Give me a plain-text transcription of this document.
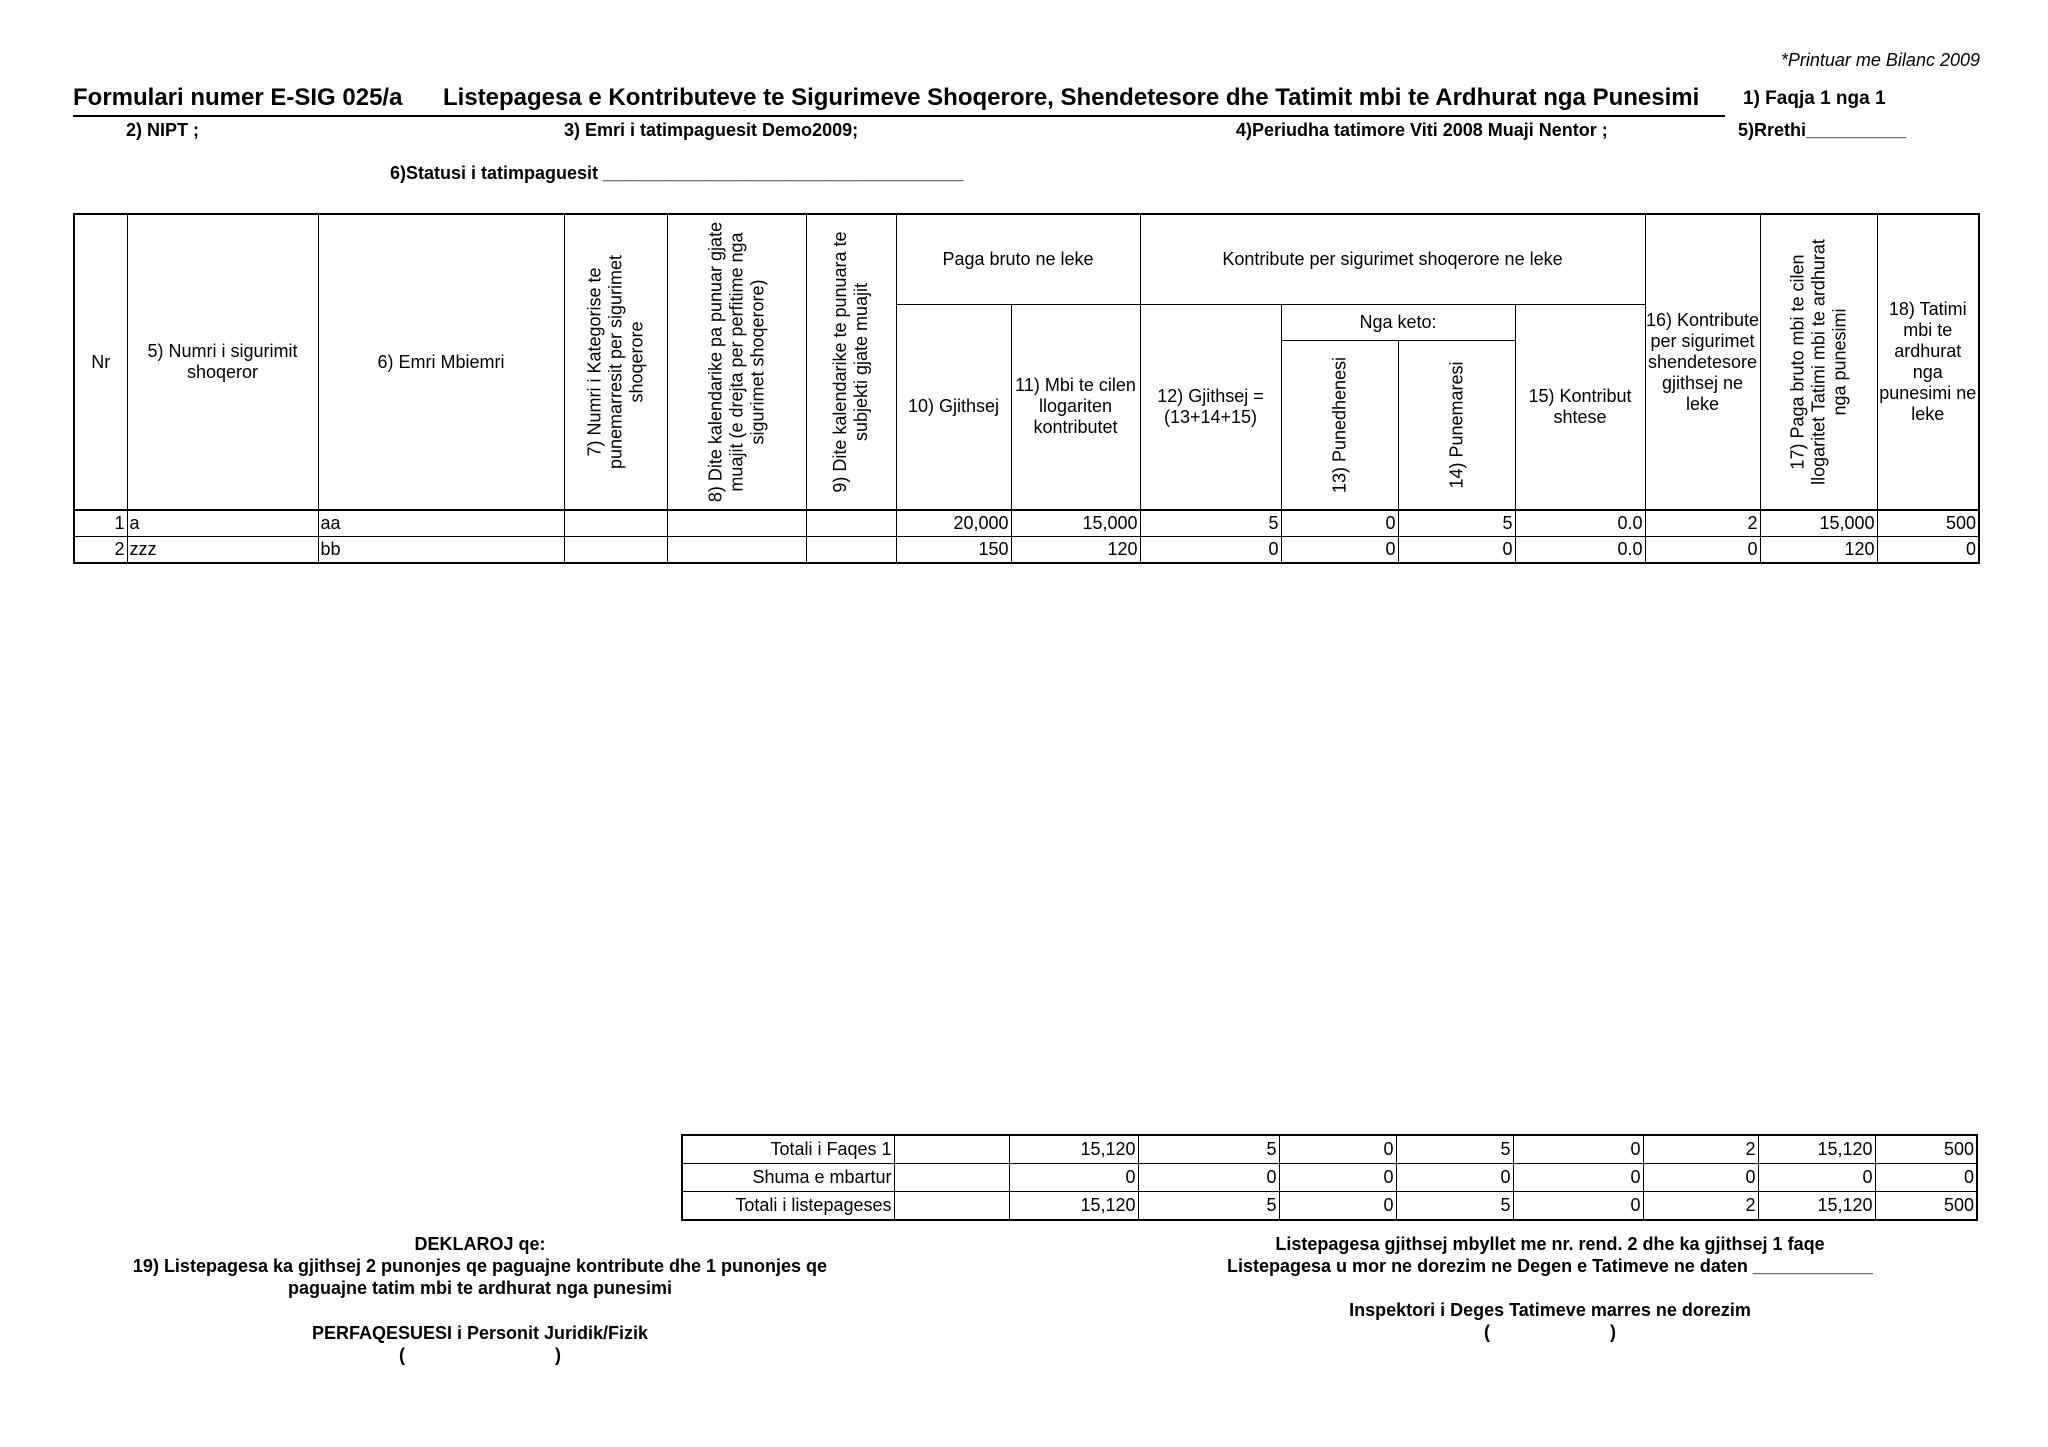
*Printuar me Bilanc 2009
Formulari numer E-SIG 025/a Listepagesa e Kontributeve te Sigurimeve Shoqerore, Shendetesore dhe Tatimit mbi te Ardhurat nga Punesimi 1) Faqja 1 nga 1
2) NIPT ;	3) Emri i tatimpaguesit Demo2009;	4)Periudha tatimore Viti 2008 Muaji Nentor ;	5)Rrethi__________
6)Statusi i tatimpaguesit ____________________________________
Nr	5) Numri i sigurimit shoqeror	6) Emri Mbiemri	7) Numri i Kategorise te punemarresit per sigurimet shoqerore	8) Dite kalendarike pa punuar gjate muajit (e drejta per perfitime nga sigurimet shoqerore)	9) Dite kalendarike te punuara te subjekti gjate muajit	Paga bruto ne leke		Kontribute per sigurimet shoqerore ne leke				16) Kontribute per sigurimet shendetesore gjithsej ne leke	17) Paga bruto mbi te cilen llogaritet Tatimi mbi te ardhurat nga punesimi	18) Tatimi mbi te ardhurat nga punesimi ne leke
						10) Gjithsej	11) Mbi te cilen llogariten kontributet	12) Gjithsej = (13+14+15)	Nga keto:		15) Kontribut shtese			

									13) Punedhenesi	14) Punemaresi				

1	a	aa				20,000	15,000	5	0	5	0.0	2	15,000	500
2	zzz	bb				150	120	0	0	0	0.0	0	120	0
Totali i Faqes 1		15,120	5	0	5	0	2	15,120	500
Shuma e mbartur		0	0	0	0	0	0	0	0
Totali i listepageses		15,120	5	0	5	0	2	15,120	500
DEKLAROJ qe:
19) Listepagesa ka gjithsej 2 punonjes qe paguajne kontribute dhe 1 punonjes qe
paguajne tatim mbi te ardhurat nga punesimi
PERFAQESUESI i Personit Juridik/Fizik
(                              )
Listepagesa gjithsej mbyllet me nr. rend. 2 dhe ka gjithsej 1 faqe
Listepagesa u mor ne dorezim ne Degen e Tatimeve ne daten ____________
Inspektori i Deges Tatimeve marres ne dorezim
(                        )
